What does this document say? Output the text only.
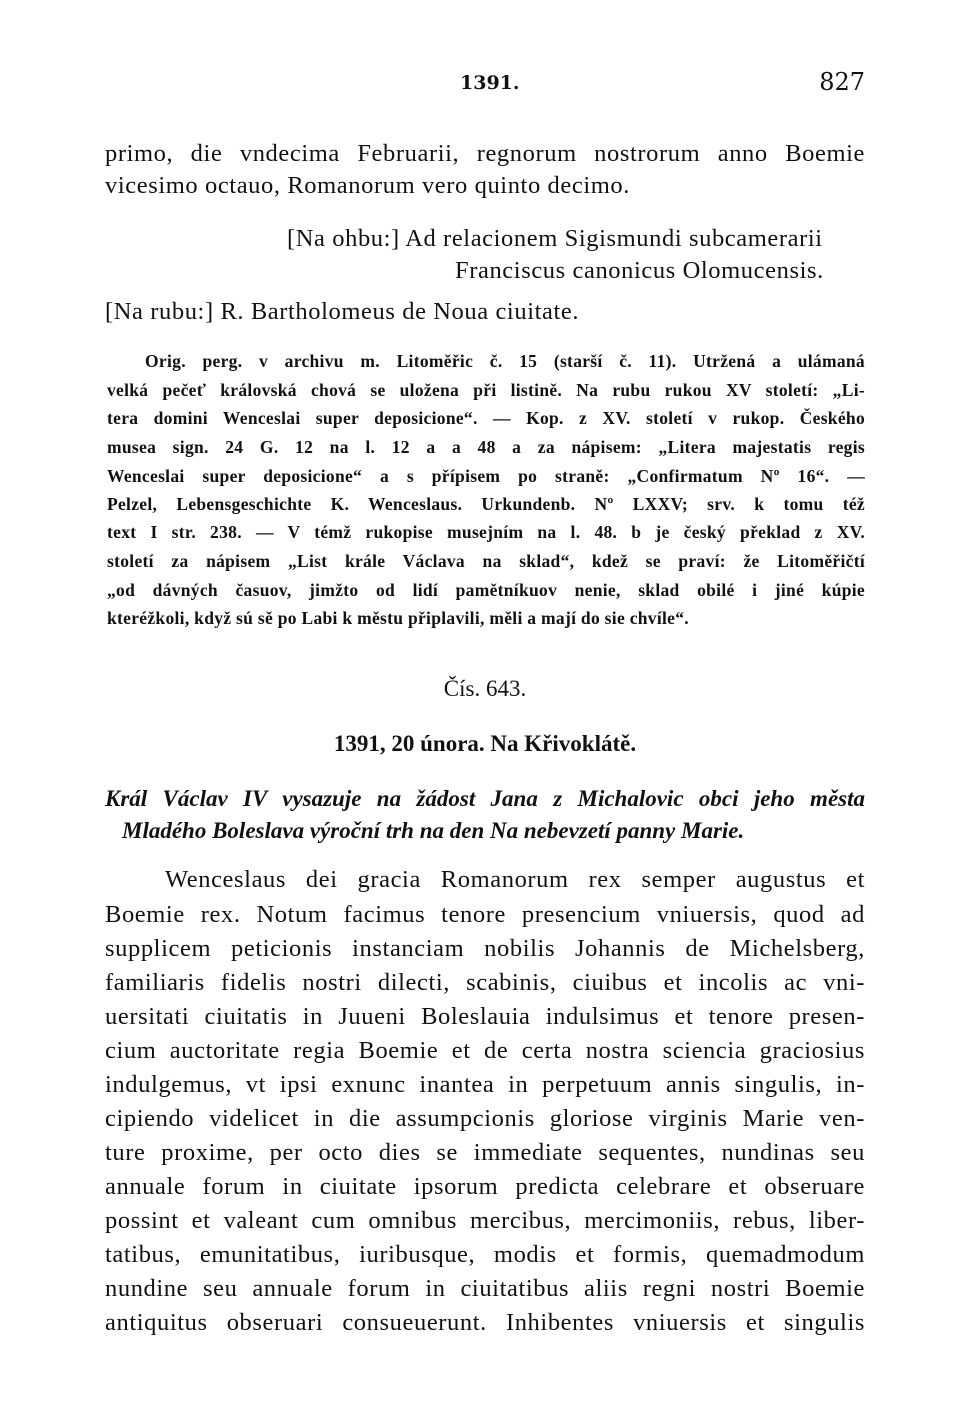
1391.	827
primo, die vndecima Februarii, regnorum nostrorum anno Boemie
vicesimo octauo, Romanorum vero quinto decimo.
[Na ohbu:] Ad relacionem Sigismundi subcamerarii
Franciscus canonicus Olomucensis.
[Na rubu:] R. Bartholomeus de Noua ciuitate.
Orig. perg. v archivu m. Litoměřic č. 15 (starší č. 11). Utržená a ulámaná
velká pečeť královská chová se uložena při listině. Na rubu rukou XV století: „Li-
tera domini Wenceslai super deposicione“. — Kop. z XV. století v rukop. Českého
musea sign. 24 G. 12 na l. 12 a a 48 a za nápisem: „Litera majestatis regis
Wenceslai super deposicione“ a s přípisem po straně: „Confirmatum Nº 16“. —
Pelzel, Lebensgeschichte K. Wenceslaus. Urkundenb. Nº LXXV; srv. k tomu též
text I str. 238. — V témž rukopise musejním na l. 48. b je český překlad z XV.
století za nápisem „List krále Václava na sklad“, kdež se praví: že Litoměřičtí
„od dávných časuov, jimžto od lidí pamětníkuov nenie, sklad obilé i jiné kúpie
kteréžkoli, když sú sě po Labi k městu připlavili, měli a mají do sie chvíle“.
Čís. 643.
1391, 20 února. Na Křivoklátě.
Král Václav IV vysazuje na žádost Jana z Michalovic obci jeho města
Mladého Boleslava výroční trh na den Na nebevzetí panny Marie.
Wenceslaus dei gracia Romanorum rex semper augustus et
Boemie rex. Notum facimus tenore presencium vniuersis, quod ad
supplicem peticionis instanciam nobilis Johannis de Michelsberg,
familiaris fidelis nostri dilecti, scabinis, ciuibus et incolis ac vni-
uersitati ciuitatis in Juueni Boleslauia indulsimus et tenore presen-
cium auctoritate regia Boemie et de certa nostra sciencia graciosius
indulgemus, vt ipsi exnunc inantea in perpetuum annis singulis, in-
cipiendo videlicet in die assumpcionis gloriose virginis Marie ven-
ture proxime, per octo dies se immediate sequentes, nundinas seu
annuale forum in ciuitate ipsorum predicta celebrare et obseruare
possint et valeant cum omnibus mercibus, mercimoniis, rebus, liber-
tatibus, emunitatibus, iuribusque, modis et formis, quemadmodum
nundine seu annuale forum in ciuitatibus aliis regni nostri Boemie
antiquitus obseruari consueuerunt. Inhibentes vniuersis et singulis
